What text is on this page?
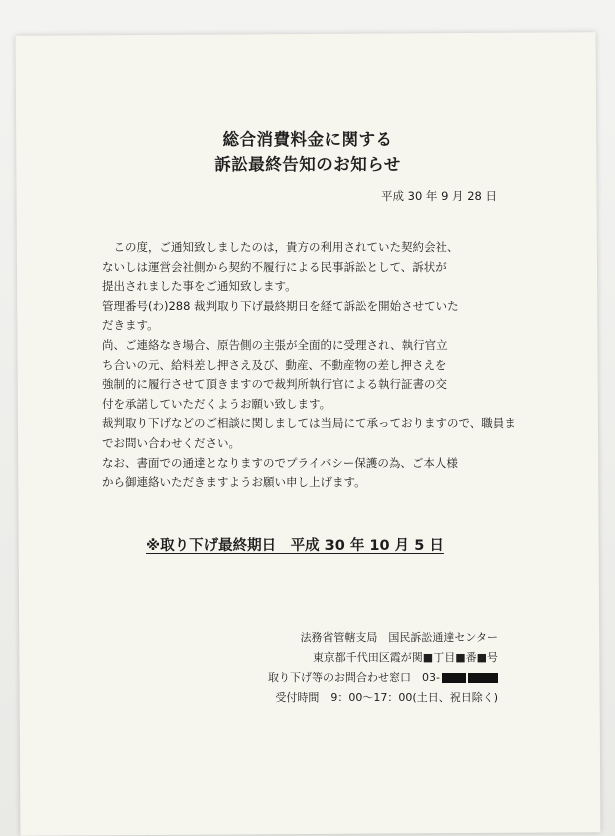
総合消費料金に関する
訴訟最終告知のお知らせ
平成 30 年 9 月 28 日

　この度，ご通知致しましたのは，貴方の利用されていた契約会社、

ないしは運営会社側から契約不履行による民事訴訟として、訴状が

提出されました事をご通知致します。

管理番号(わ)288 裁判取り下げ最終期日を経て訴訟を開始させていた

だきます。

尚、ご連絡なき場合、原告側の主張が全面的に受理され、執行官立

ち合いの元、給料差し押さえ及び、動産、不動産物の差し押さえを

強制的に履行させて頂きますので裁判所執行官による執行証書の交

付を承諾していただくようお願い致します。

裁判取り下げなどのご相談に関しましては当局にて承っておりますので、職員までお問い合わせください。

なお、書面での通達となりますのでプライバシー保護の為、ご本人様

から御連絡いただきますようお願い申し上げます。

※取り下げ最終期日　平成 30 年 10 月 5 日
法務省管轄支局　国民訴訟通達センター
東京都千代田区霞が関■丁目■番■号
取り下げ等のお問合わせ窓口　03-
受付時間　9：00～17：00(土日、祝日除く)
